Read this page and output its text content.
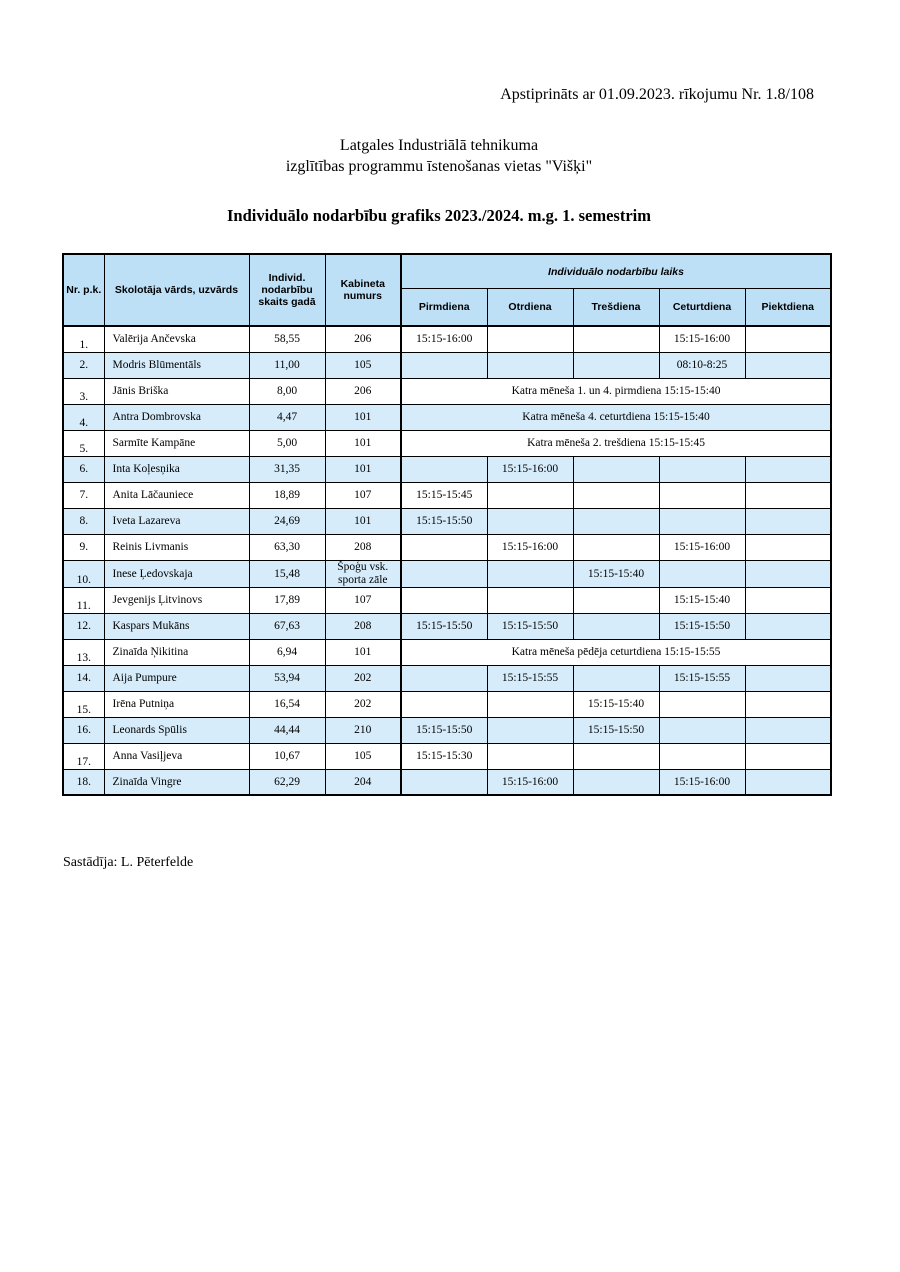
Apstiprināts ar 01.09.2023. rīkojumu Nr. 1.8/108
Latgales Industriālā tehnikuma
izglītības programmu īstenošanas vietas "Višķi"
Individuālo nodarbību grafiks 2023./2024. m.g. 1. semestrim
Nr. p.k.	Skolotāja vārds, uzvārds	Individ. nodarbību skaits gadā	Kabineta numurs	Individuālo nodarbību laiks				
				Pirmdiena	Otrdiena	Trešdiena	Ceturtdiena	Piektdiena
1.	Valērija Ančevska	58,55	206	15:15-16:00			15:15-16:00	
2.	Modris Blūmentāls	11,00	105				08:10-8:25	
3.	Jānis Briška	8,00	206	Katra mēneša 1. un 4. pirmdiena 15:15-15:40				
4.	Antra Dombrovska	4,47	101	Katra mēneša 4. ceturtdiena 15:15-15:40				
5.	Sarmīte Kampāne	5,00	101	Katra mēneša 2. trešdiena 15:15-15:45				
6.	Inta Koļesņika	31,35	101		15:15-16:00			
7.	Anita Lāčauniece	18,89	107	15:15-15:45				
8.	Iveta Lazareva	24,69	101	15:15-15:50				
9.	Reinis Livmanis	63,30	208		15:15-16:00		15:15-16:00	
10.	Inese Ļedovskaja	15,48	Špoģu vsk.
sporta zāle			15:15-15:40		
11.	Jevgenijs Ļitvinovs	17,89	107				15:15-15:40	
12.	Kaspars Mukāns	67,63	208	15:15-15:50	15:15-15:50		15:15-15:50	
13.	Zinaīda Ņikitina	6,94	101	Katra mēneša pēdēja ceturtdiena 15:15-15:55				
14.	Aija Pumpure	53,94	202		15:15-15:55		15:15-15:55	
15.	Irēna Putniņa	16,54	202			15:15-15:40		
16.	Leonards Spūlis	44,44	210	15:15-15:50		15:15-15:50		
17.	Anna Vasiļjeva	10,67	105	15:15-15:30				
18.	Zinaīda Vingre	62,29	204		15:15-16:00		15:15-16:00	
Sastādīja: L. Pēterfelde
